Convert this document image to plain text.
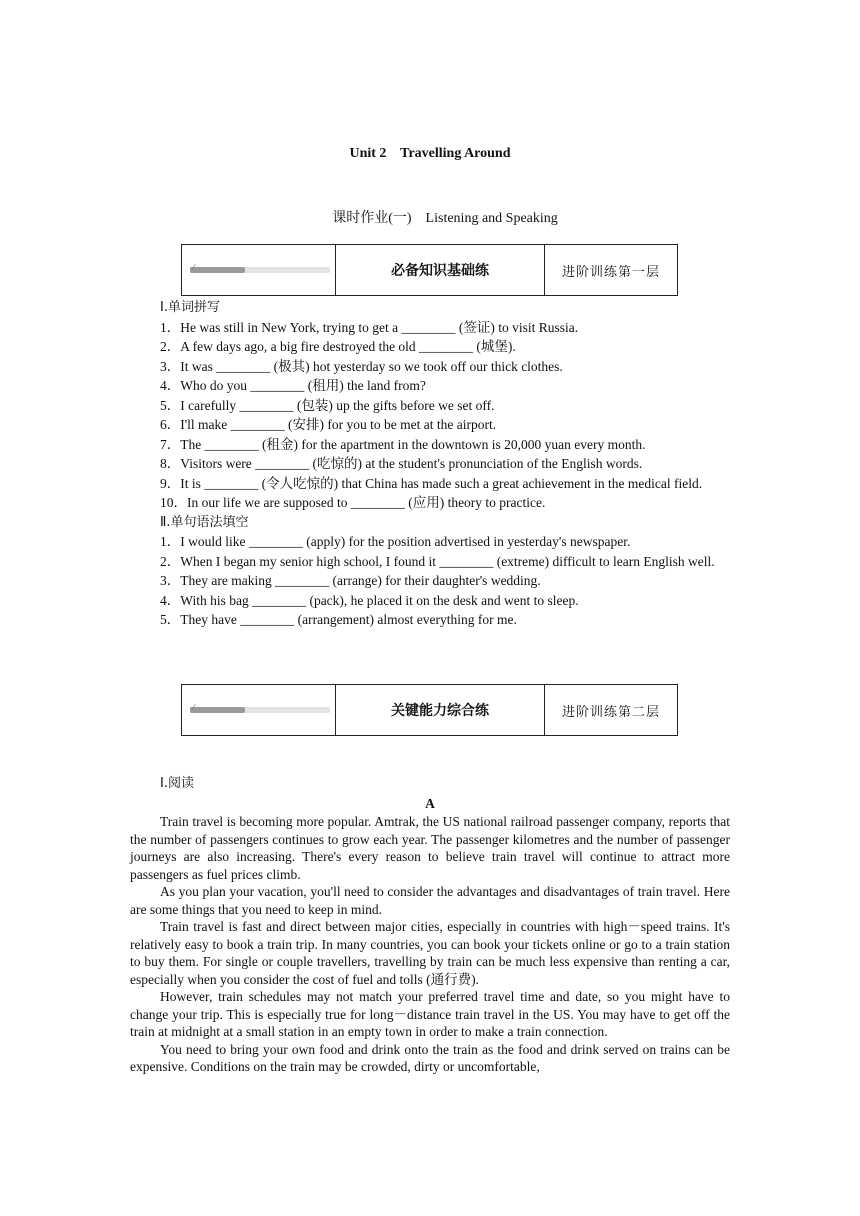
Unit 2    Travelling Around
课时作业(一)    Listening and Speaking
✓	必备知识基础练	进阶训练第一层
Ⅰ.单词拼写
1．He was still in New York, trying to get a ________ (签证) to visit Russia.
2．A few days ago, a big fire destroyed the old ________ (城堡).
3．It was ________ (极其) hot yesterday so we took off our thick clothes.
4．Who do you ________ (租用) the land from?
5．I carefully ________ (包装) up the gifts before we set off.
6．I'll make ________ (安排) for you to be met at the airport.
7．The ________ (租金) for the apartment in the downtown is 20,000 yuan every month.
8．Visitors were ________ (吃惊的) at the student's pronunciation of the English words.
9．It is ________ (令人吃惊的) that China has made such a great achievement in the medical field.
10．In our life we are supposed to ________ (应用) theory to practice.
Ⅱ.单句语法填空
1．I would like ________ (apply) for the position advertised in yesterday's newspaper.
2．When I began my senior high school, I found it ________ (extreme) difficult to learn English well.
3．They are making ________ (arrange) for their daughter's wedding.
4．With his bag ________ (pack), he placed it on the desk and went to sleep.
5．They have ________ (arrangement) almost everything for me.
✓	关键能力综合练	进阶训练第二层
Ⅰ.阅读
A
Train travel is becoming more popular. Amtrak, the US national railroad passenger company, reports that the number of passengers continues to grow each year. The passenger kilometres and the number of passenger journeys are also increasing. There's every reason to believe train travel will continue to attract more passengers as fuel prices climb.
As you plan your vacation, you'll need to consider the advantages and disadvantages of train travel. Here are some things that you need to keep in mind.
Train travel is fast and direct between major cities, especially in countries with high－speed trains. It's relatively easy to book a train trip. In many countries, you can book your tickets online or go to a train station to buy them. For single or couple travellers, travelling by train can be much less expensive than renting a car, especially when you consider the cost of fuel and tolls (通行费).
However, train schedules may not match your preferred travel time and date, so you might have to change your trip. This is especially true for long－distance train travel in the US. You may have to get off the train at midnight at a small station in an empty town in order to make a train connection.
You need to bring your own food and drink onto the train as the food and drink served on trains can be expensive. Conditions on the train may be crowded, dirty or uncomfortable,
